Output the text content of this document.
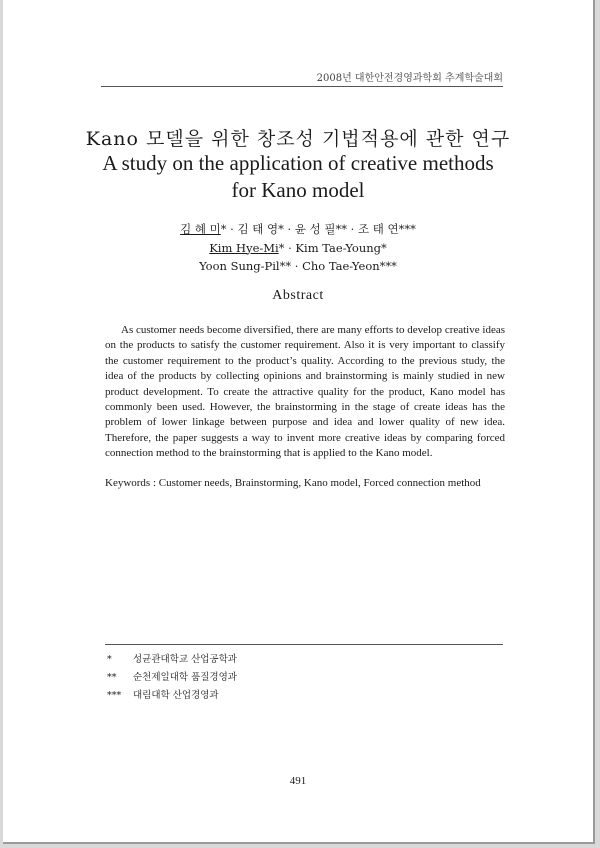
2008년 대한안전경영과학회 추계학술대회
Kano 모델을 위한 창조성 기법적용에 관한 연구
A study on the application of creative methods
for Kano model
김 혜 미* · 김 태 영* · 윤 성 필** · 조 태 연***
Kim Hye-Mi* · Kim Tae-Young*
Yoon Sung-Pil** · Cho Tae-Yeon***
Abstract
As customer needs become diversified, there are many efforts to develop creative ideas on the products to satisfy the customer requirement. Also it is very important to classify the customer requirement to the product’s quality. According to the previous study, the idea of the products by collecting opinions and brainstorming is mainly studied in new product development. To create the attractive quality for the product, Kano model has commonly been used. However, the brainstorming in the stage of create ideas has the problem of lower linkage between purpose and idea and lower quality of new idea. Therefore, the paper suggests a way to invent more creative ideas by comparing forced connection method to the brainstorming that is applied to the Kano model.
Keywords : Customer needs, Brainstorming, Kano model, Forced connection method
* 성균관대학교 산업공학과
** 순천제일대학 품질경영과
*** 대림대학 산업경영과
491
